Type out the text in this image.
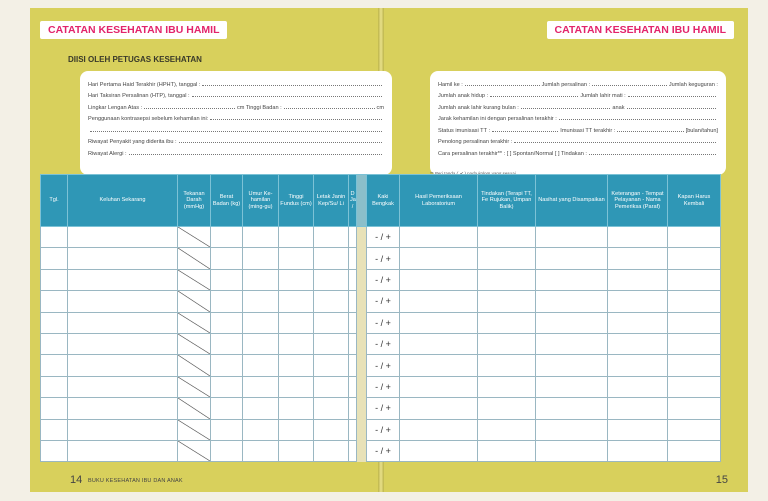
CATATAN KESEHATAN IBU HAMIL	CATATAN KESEHATAN IBU HAMIL
DIISI OLEH PETUGAS KESEHATAN
Hari Pertama Haid Terakhir (HPHT), tanggal :
Hari Taksiran Persalinan (HTP), tanggal :
Lingkar Lengan Atas :	cm Tinggi Badan :	cm
Penggunaan kontrasepsi sebelum kehamilan ini:
Riwayat Penyakit yang diderita ibu :
Riwayat Alergi :
Hamil ke :	Jumlah persalinan :	Jumlah keguguran :
Jumlah anak hidup :	Jumlah lahir mati :
Jumlah anak lahir kurang bulan :	anak
Jarak kehamilan ini dengan persalinan terakhir :
Status imunisasi TT :	Imunisasi TT terakhir :	[bulan/tahun]
Penolong persalinan terakhir :
Cara persalinan terakhir** : [ ] Spontan/Normal [ ] Tindakan :
14 BUKU KESEHATAN IBU DAN ANAK	15
Tgl.	Keluhan Sekarang	Tekanan Darah (mmHg)	Berat Badan (kg)	Umur Ke-hamilan (ming-gu)	Tinggi Fundus (cm)	Letak Janin Kep/Su/ Li	D Ja /		Kaki Bengkak	Hasil Pemeriksaan Laboratorium	Tindakan (Terapi TT, Fe Rujukan, Umpan Balik)	Nasihat yang Disampaikan	Keterangan - Tempat Pelayanan - Nama Pemeriksa (Paraf)	Kapan Harus Kembali
									- / +					
									- / +					
									- / +					
									- / +					
									- / +					
									- / +					
									- / +					
									- / +					
									- / +					
									- / +					
									- / +					
